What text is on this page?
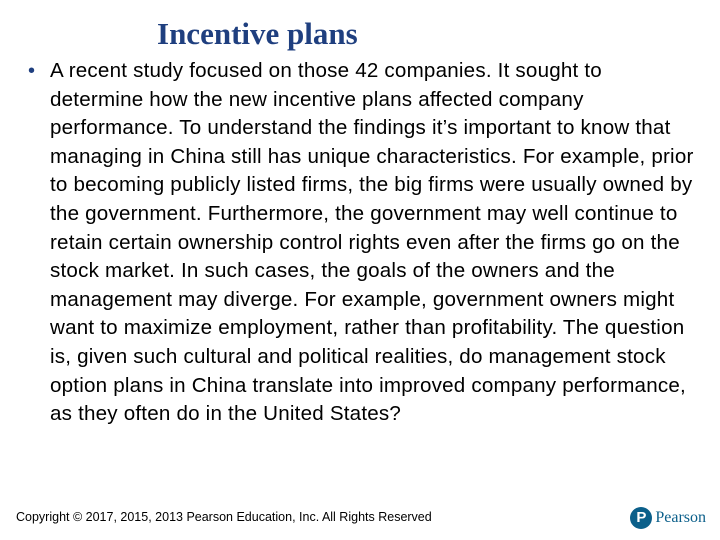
Incentive plans
• A recent study focused on those 42 companies. It sought to determine how the new incentive plans affected company performance. To understand the findings it’s important to know that managing in China still has unique characteristics. For example, prior to becoming publicly listed firms, the big firms were usually owned by the government. Furthermore, the government may well continue to retain certain ownership control rights even after the firms go on the stock market. In such cases, the goals of the owners and the management may diverge. For example, government owners might want to maximize employment, rather than profitability. The question is, given such cultural and political realities, do management stock option plans in China translate into improved company performance, as they often do in the United States?

Copyright © 2017, 2015, 2013 Pearson Education, Inc. All Rights Reserved	P Pearson
